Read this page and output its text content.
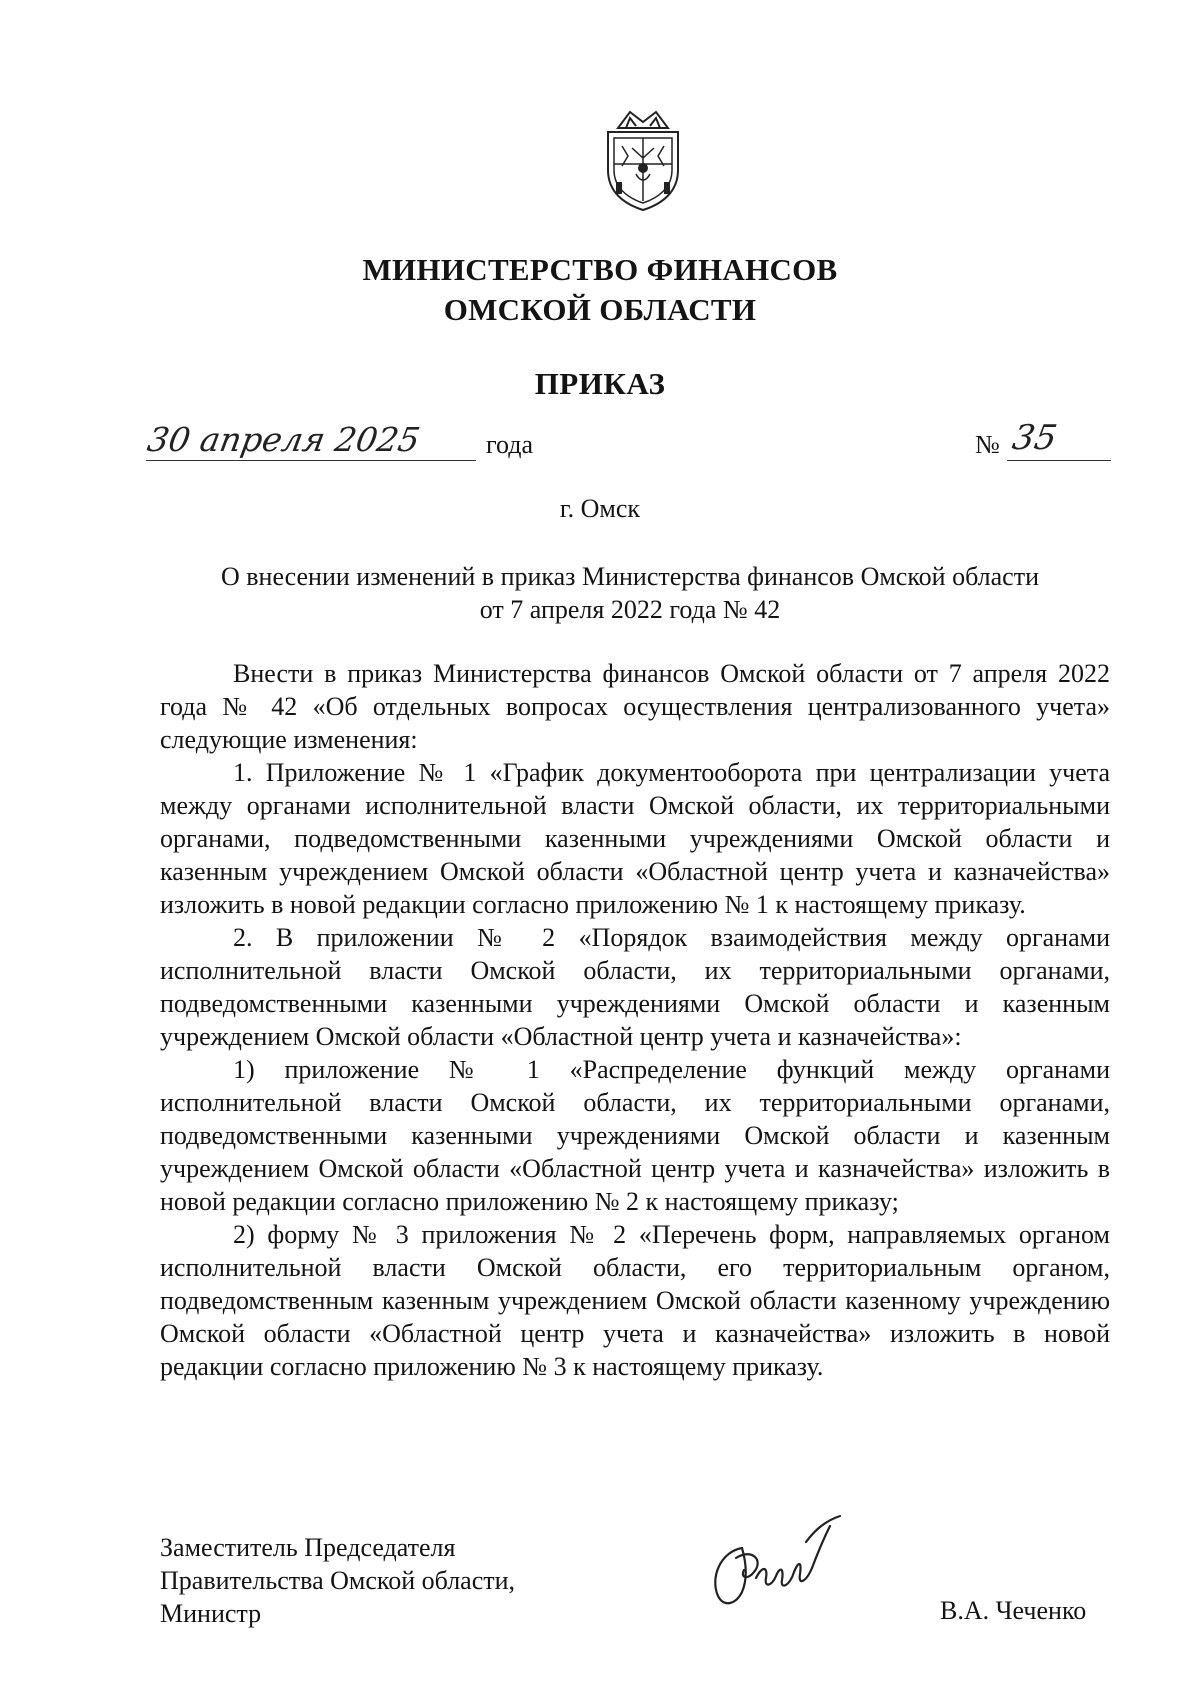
МИНИСТЕРСТВО ФИНАНСОВ
ОМСКОЙ ОБЛАСТИ
ПРИКАЗ
30 апреля 2025 года	№ 35
г. Омск
О внесении изменений в приказ Министерства финансов Омской области
от 7 апреля 2022 года № 42

Внести в приказ Министерства финансов Омской области от 7 апреля 2022 года № 42 «Об отдельных вопросах осуществления централизованного учета» следующие изменения:

1. Приложение № 1 «График документооборота при централизации учета между органами исполнительной власти Омской области, их территориальными органами, подведомственными казенными учреждениями Омской области и казенным учреждением Омской области «Областной центр учета и казначейства» изложить в новой редакции согласно приложению № 1 к настоящему приказу.

2. В приложении № 2 «Порядок взаимодействия между органами исполнительной власти Омской области, их территориальными органами, подведомственными казенными учреждениями Омской области и казенным учреждением Омской области «Областной центр учета и казначейства»:

1) приложение № 1 «Распределение функций между органами исполнительной власти Омской области, их территориальными органами, подведомственными казенными учреждениями Омской области и казенным учреждением Омской области «Областной центр учета и казначейства» изложить в новой редакции согласно приложению № 2 к настоящему приказу;

2) форму № 3 приложения № 2 «Перечень форм, направляемых органом исполнительной власти Омской области, его территориальным органом, подведомственным казенным учреждением Омской области казенному учреждению Омской области «Областной центр учета и казначейства» изложить в новой редакции согласно приложению № 3 к настоящему приказу.

Заместитель Председателя
Правительства Омской области,
Министр	В.А. Чеченко
